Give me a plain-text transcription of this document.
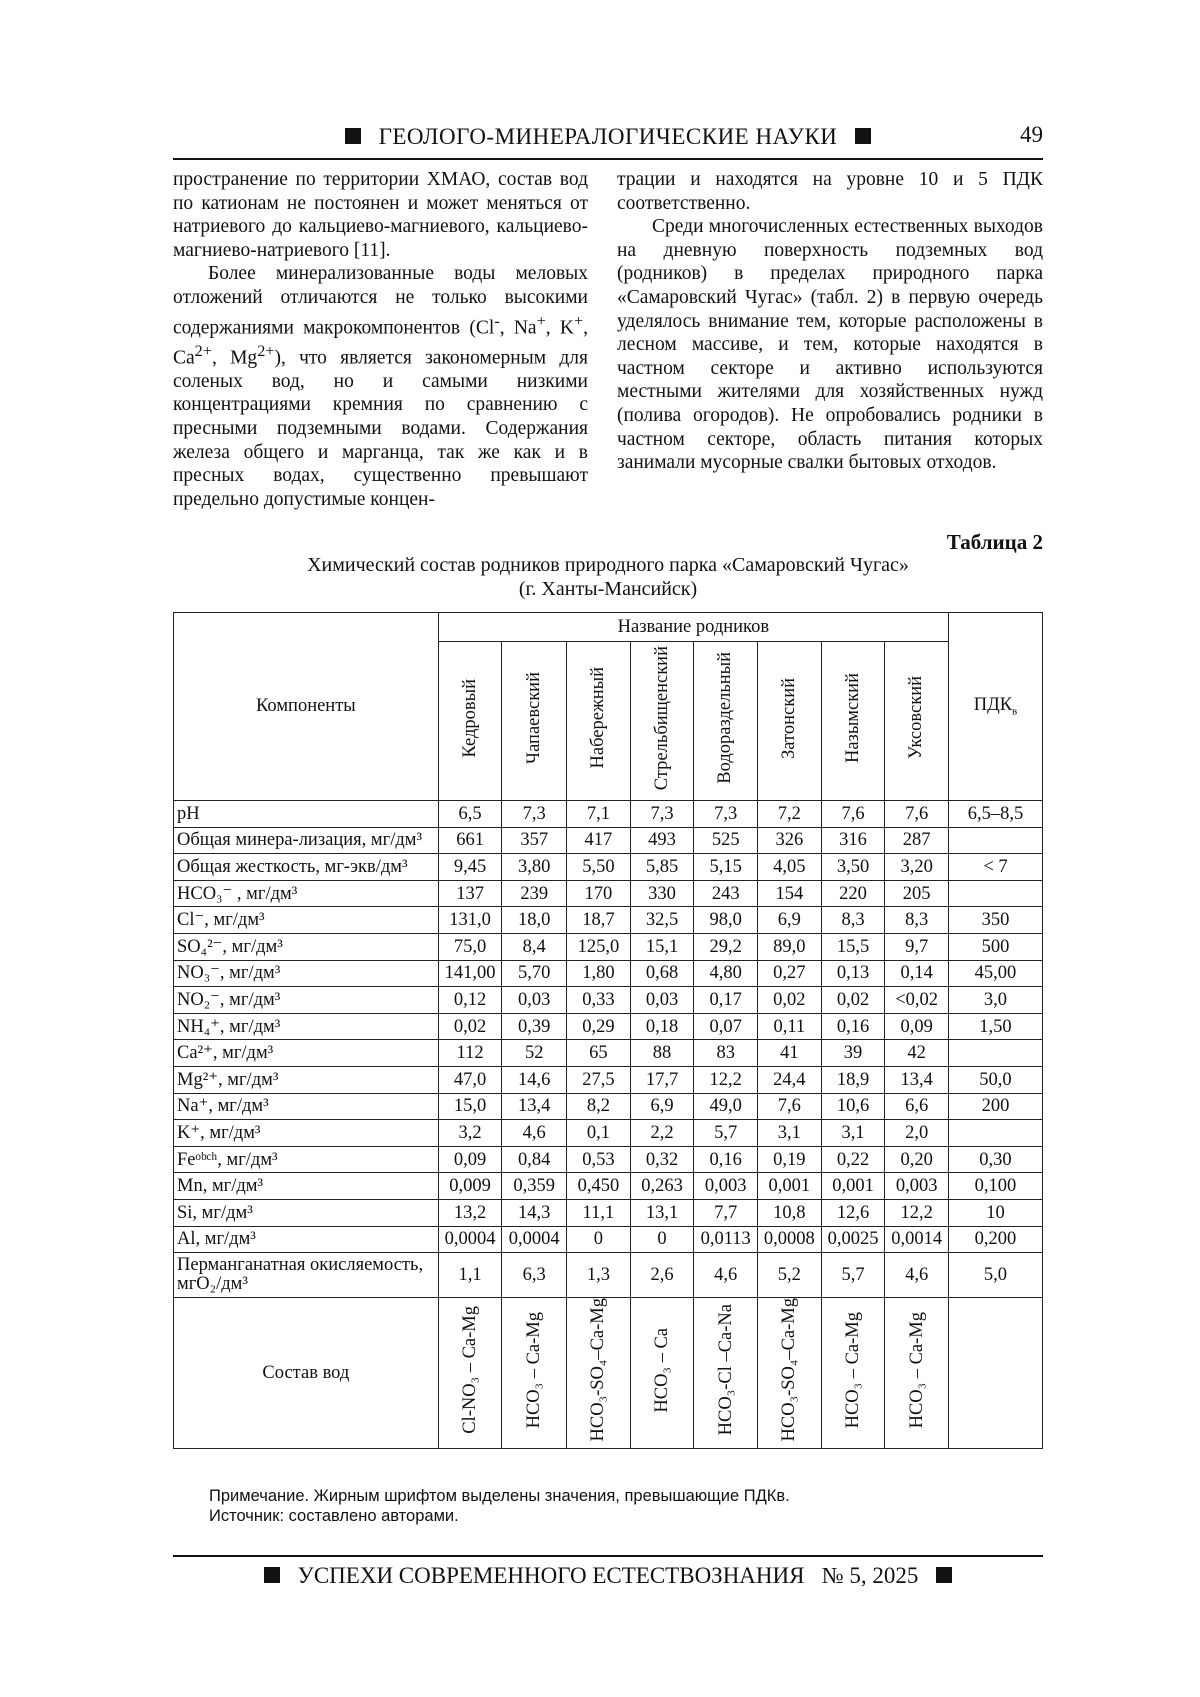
ГЕОЛОГО-МИНЕРАЛОГИЧЕСКИЕ НАУКИ	49

пространение по территории ХМАО, состав вод по катионам не постоянен и может меняться от натриевого до кальциево-магниевого, кальциево-магниево-натриевого [11].

Более минерализованные воды меловых отложений отличаются не только высокими содержаниями макрокомпонентов (Cl-, Na+, K+, $Ca^{2+}$, $Mg^{2+}$), что является закономерным для соленых вод, но и самыми низкими концентрациями кремния по сравнению с пресными подземными водами. Содержания железа общего и марганца, так же как и в пресных водах, существенно превышают предельно допустимые концен-

трации и находятся на уровне 10 и 5 ПДК соответственно.

Среди многочисленных естественных выходов на дневную поверхность подземных вод (родников) в пределах природного парка «Самаровский Чугас» (табл. 2) в первую очередь уделялось внимание тем, которые расположены в лесном массиве, и тем, которые находятся в частном секторе и активно используются местными жителями для хозяйственных нужд (полива огородов). Не опробовались родники в частном секторе, область питания которых занимали мусорные свалки бытовых отходов.

Таблица 2
Химический состав родников природного парка «Самаровский Чугас»
(г. Ханты-Мансийск)
Компоненты	Название родников								$ПДК_в$
	Кедровый	Чапаевский	Набережный	Стрельбищенский	Водораздельный	Затонский	Назымский	Уксовский	
pH	6,5	7,3	7,1	7,3	7,3	7,2	7,6	7,6	6,5–8,5
Общая минера-лизация, мг/дм³	661	357	417	493	525	326	316	287	
Общая жесткость, мг-экв/дм³	9,45	3,80	5,50	5,85	5,15	4,05	3,50	3,20	< 7
HCO₃⁻ , мг/дм³	137	239	170	330	243	154	220	205	
Cl⁻, мг/дм³	131,0	18,0	18,7	32,5	98,0	6,9	8,3	8,3	350
SO₄²⁻, мг/дм³	75,0	8,4	125,0	15,1	29,2	89,0	15,5	9,7	500
NO₃⁻, мг/дм³	141,00	5,70	1,80	0,68	4,80	0,27	0,13	0,14	45,00
NO₂⁻, мг/дм³	0,12	0,03	0,33	0,03	0,17	0,02	0,02	<0,02	3,0
NH₄⁺, мг/дм³	0,02	0,39	0,29	0,18	0,07	0,11	0,16	0,09	1,50
Ca²⁺, мг/дм³	112	52	65	88	83	41	39	42	
Mg²⁺, мг/дм³	47,0	14,6	27,5	17,7	12,2	24,4	18,9	13,4	50,0
Na⁺, мг/дм³	15,0	13,4	8,2	6,9	49,0	7,6	10,6	6,6	200
K⁺, мг/дм³	3,2	4,6	0,1	2,2	5,7	3,1	3,1	2,0	
Feᵒᵇᶜʰ, мг/дм³	0,09	0,84	0,53	0,32	0,16	0,19	0,22	0,20	0,30
Mn, мг/дм³	0,009	0,359	0,450	0,263	0,003	0,001	0,001	0,003	0,100
Si, мг/дм³	13,2	14,3	11,1	13,1	7,7	10,8	12,6	12,2	10
Al, мг/дм³	0,0004	0,0004	0	0	0,0113	0,0008	0,0025	0,0014	0,200
Перманганатная окисляемость, мгO₂/дм³	1,1	6,3	1,3	2,6	4,6	5,2	5,7	4,6	5,0
Состав вод	Cl-NO₃ – Ca-Mg	HCO₃ – Ca-Mg	HCO₃-SO₄–Ca-Mg	HCO₃ – Ca	HCO₃-Cl –Ca-Na	HCO₃-SO₄–Ca-Mg	HCO₃ – Ca-Mg	HCO₃ – Ca-Mg	
Примечание. Жирным шрифтом выделены значения, превышающие ПДКв.
Источник: составлено авторами.
УСПЕХИ СОВРЕМЕННОГО ЕСТЕСТВОЗНАНИЯ № 5, 2025
